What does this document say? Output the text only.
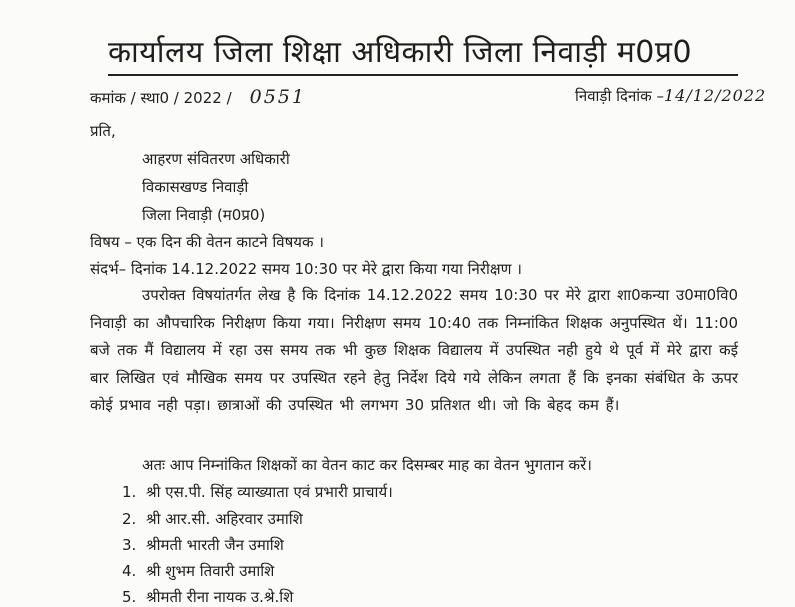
कार्यालय जिला शिक्षा अधिकारी जिला निवाड़ी म0प्र0
कमांक / स्था0 / 2022 / 0551	निवाड़ी दिनांक –14/12/2022
प्रति,
आहरण संवितरण अधिकारी
विकासखण्ड निवाड़ी
जिला निवाड़ी (म0प्र0)
विषय – एक दिन की वेतन काटने विषयक ।
संदर्भ– दिनांक 14.12.2022 समय 10:30 पर मेरे द्वारा किया गया निरीक्षण ।
उपरोक्त विषयांतर्गत लेख है कि दिनांक 14.12.2022 समय 10:30 पर मेरे द्वारा शा0कन्या उ0मा0वि0 निवाड़ी का औपचारिक निरीक्षण किया गया। निरीक्षण समय 10:40 तक निम्नांकित शिक्षक अनुपस्थित थें। 11:00 बजे तक मैं विद्यालय में रहा उस समय तक भी कुछ शिक्षक विद्यालय में उपस्थित नही हुये थे पूर्व में मेरे द्वारा कई बार लिखित एवं मौखिक समय पर उपस्थित रहने हेतु निर्देश दिये गये लेकिन लगता हैं कि इनका संबंधित के ऊपर कोई प्रभाव नही पड़ा। छात्राओं की उपस्थित भी लगभग 30 प्रतिशत थी। जो कि बेहद कम हैं।
अतः आप निम्नांकित शिक्षकों का वेतन काट कर दिसम्बर माह का वेतन भुगतान करें।
1. श्री एस.पी. सिंह व्याख्याता एवं प्रभारी प्राचार्य।
2. श्री आर.सी. अहिरवार उमाशि
3. श्रीमती भारती जैन उमाशि
4. श्री शुभम तिवारी उमाशि
5. श्रीमती रीना नायक उ.श्रे.शि
